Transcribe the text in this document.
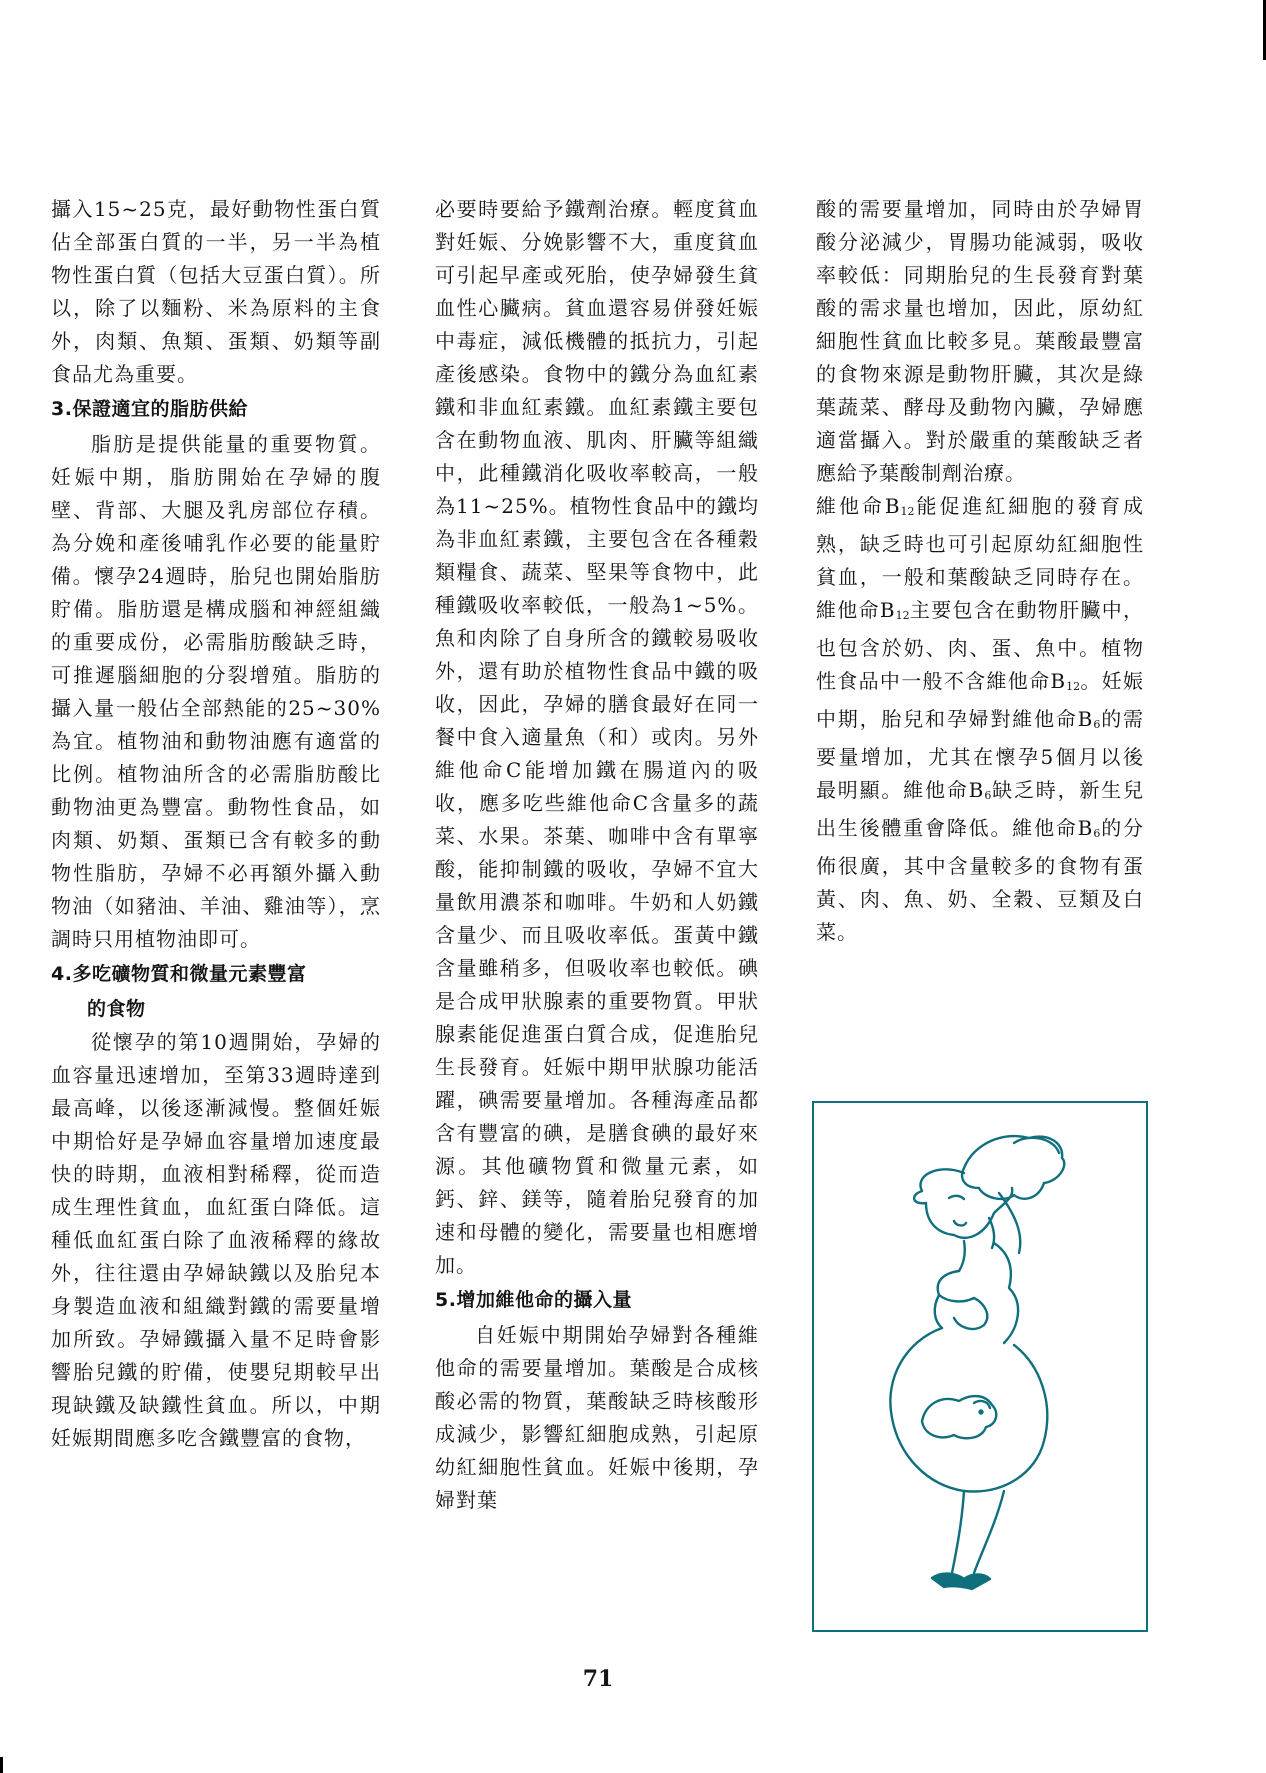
攝入15~25克，最好動物性蛋白質佔全部蛋白質的一半，另一半為植物性蛋白質（包括大豆蛋白質）。所以，除了以麵粉、米為原料的主食外，肉類、魚類、蛋類、奶類等副食品尤為重要。

3.保證適宜的脂肪供給

脂肪是提供能量的重要物質。妊娠中期，脂肪開始在孕婦的腹壁、背部、大腿及乳房部位存積。為分娩和產後哺乳作必要的能量貯備。懷孕24週時，胎兒也開始脂肪貯備。脂肪還是構成腦和神經組織的重要成份，必需脂肪酸缺乏時，可推遲腦細胞的分裂增殖。脂肪的攝入量一般佔全部熱能的25~30%為宜。植物油和動物油應有適當的比例。植物油所含的必需脂肪酸比動物油更為豐富。動物性食品，如肉類、奶類、蛋類已含有較多的動物性脂肪，孕婦不必再額外攝入動物油（如豬油、羊油、雞油等），烹調時只用植物油即可。

4.多吃礦物質和微量元素豐富
的食物

從懷孕的第10週開始，孕婦的血容量迅速增加，至第33週時達到最高峰，以後逐漸減慢。整個妊娠中期恰好是孕婦血容量增加速度最快的時期，血液相對稀釋，從而造成生理性貧血，血紅蛋白降低。這種低血紅蛋白除了血液稀釋的緣故外，往往還由孕婦缺鐵以及胎兒本身製造血液和組織對鐵的需要量增加所致。孕婦鐵攝入量不足時會影響胎兒鐵的貯備，使嬰兒期較早出現缺鐵及缺鐵性貧血。所以，中期妊娠期間應多吃含鐵豐富的食物，

必要時要給予鐵劑治療。輕度貧血對妊娠、分娩影響不大，重度貧血可引起早產或死胎，使孕婦發生貧血性心臟病。貧血還容易併發妊娠中毒症，減低機體的抵抗力，引起產後感染。食物中的鐵分為血紅素鐵和非血紅素鐵。血紅素鐵主要包含在動物血液、肌肉、肝臟等組織中，此種鐵消化吸收率較高，一般為11~25%。植物性食品中的鐵均為非血紅素鐵，主要包含在各種穀類糧食、蔬菜、堅果等食物中，此種鐵吸收率較低，一般為1~5%。魚和肉除了自身所含的鐵較易吸收外，還有助於植物性食品中鐵的吸收，因此，孕婦的膳食最好在同一餐中食入適量魚（和）或肉。另外維他命C能增加鐵在腸道內的吸收，應多吃些維他命C含量多的蔬菜、水果。茶葉、咖啡中含有單寧酸，能抑制鐵的吸收，孕婦不宜大量飲用濃茶和咖啡。牛奶和人奶鐵含量少、而且吸收率低。蛋黃中鐵含量雖稍多，但吸收率也較低。碘是合成甲狀腺素的重要物質。甲狀腺素能促進蛋白質合成，促進胎兒生長發育。妊娠中期甲狀腺功能活躍，碘需要量增加。各種海產品都含有豐富的碘，是膳食碘的最好來源。其他礦物質和微量元素，如鈣、鋅、鎂等，隨着胎兒發育的加速和母體的變化，需要量也相應增加。

5.增加維他命的攝入量

自妊娠中期開始孕婦對各種維他命的需要量增加。葉酸是合成核酸必需的物質，葉酸缺乏時核酸形成減少，影響紅細胞成熟，引起原幼紅細胞性貧血。妊娠中後期，孕婦對葉

酸的需要量增加，同時由於孕婦胃酸分泌減少，胃腸功能減弱，吸收率較低：同期胎兒的生長發育對葉酸的需求量也增加，因此，原幼紅細胞性貧血比較多見。葉酸最豐富的食物來源是動物肝臟，其次是綠葉蔬菜、酵母及動物內臟，孕婦應適當攝入。對於嚴重的葉酸缺乏者應給予葉酸制劑治療。

維他命B12能促進紅細胞的發育成熟，缺乏時也可引起原幼紅細胞性貧血，一般和葉酸缺乏同時存在。維他命B12主要包含在動物肝臟中，也包含於奶、肉、蛋、魚中。植物性食品中一般不含維他命B12。妊娠中期，胎兒和孕婦對維他命B6的需要量增加，尤其在懷孕5個月以後最明顯。維他命B6缺乏時，新生兒出生後體重會降低。維他命B6的分佈很廣，其中含量較多的食物有蛋黃、肉、魚、奶、全穀、豆類及白菜。

71
